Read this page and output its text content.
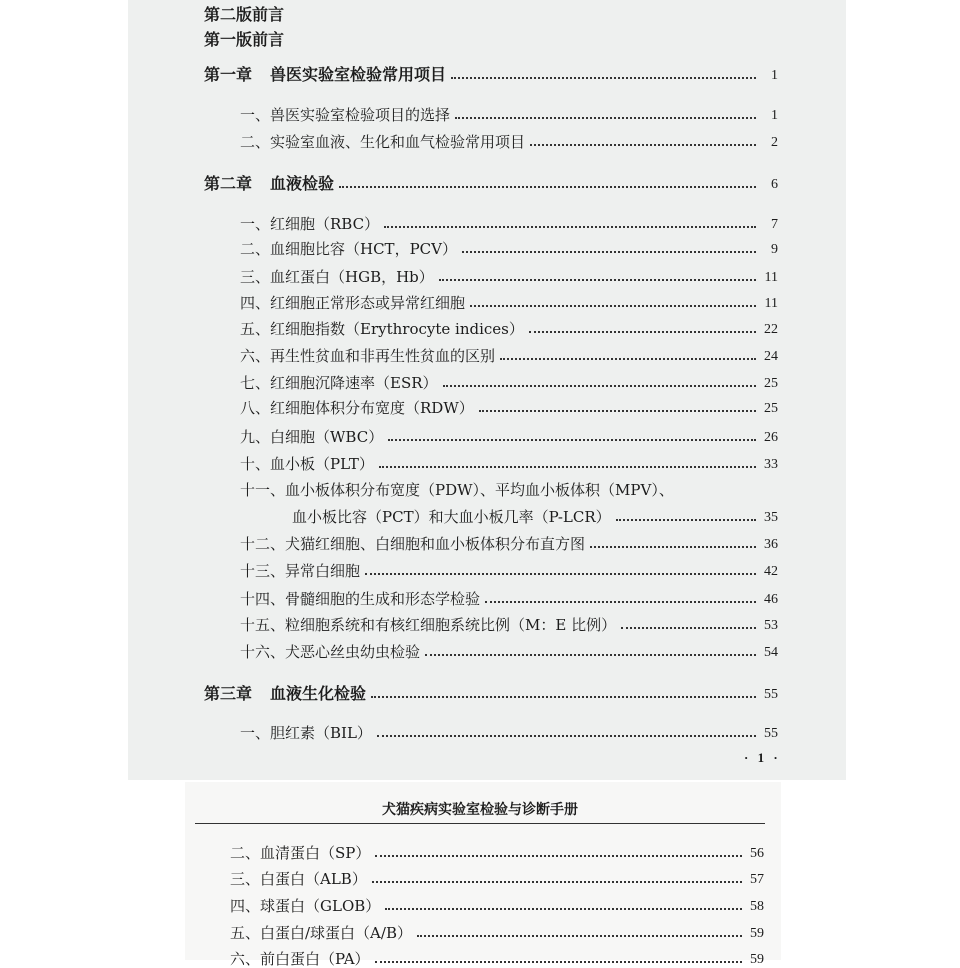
第二版前言
第一版前言
第一章 兽医实验室检验常用项目	1
一、兽医实验室检验项目的选择	1
二、实验室血液、生化和血气检验常用项目	2
第二章 血液检验	6
一、红细胞（RBC）	7
二、血细胞比容（HCT，PCV）	9
三、血红蛋白（HGB，Hb）	11
四、红细胞正常形态或异常红细胞	11
五、红细胞指数（Erythrocyte indices）	22
六、再生性贫血和非再生性贫血的区别	24
七、红细胞沉降速率（ESR）	25
八、红细胞体积分布宽度（RDW）	25
九、白细胞（WBC）	26
十、血小板（PLT）	33
十一、血小板体积分布宽度（PDW）、平均血小板体积（MPV）、
血小板比容（PCT）和大血小板几率（P-LCR）	35
十二、犬猫红细胞、白细胞和血小板体积分布直方图	36
十三、异常白细胞	42
十四、骨髓细胞的生成和形态学检验	46
十五、粒细胞系统和有核红细胞系统比例（M：E 比例）	53
十六、犬恶心丝虫幼虫检验	54
第三章 血液生化检验	55
一、胆红素（BIL）	55
· 1 ·
犬猫疾病实验室检验与诊断手册
二、血清蛋白（SP）	56
三、白蛋白（ALB）	57
四、球蛋白（GLOB）	58
五、白蛋白/球蛋白（A/B）	59
六、前白蛋白（PA）	59
